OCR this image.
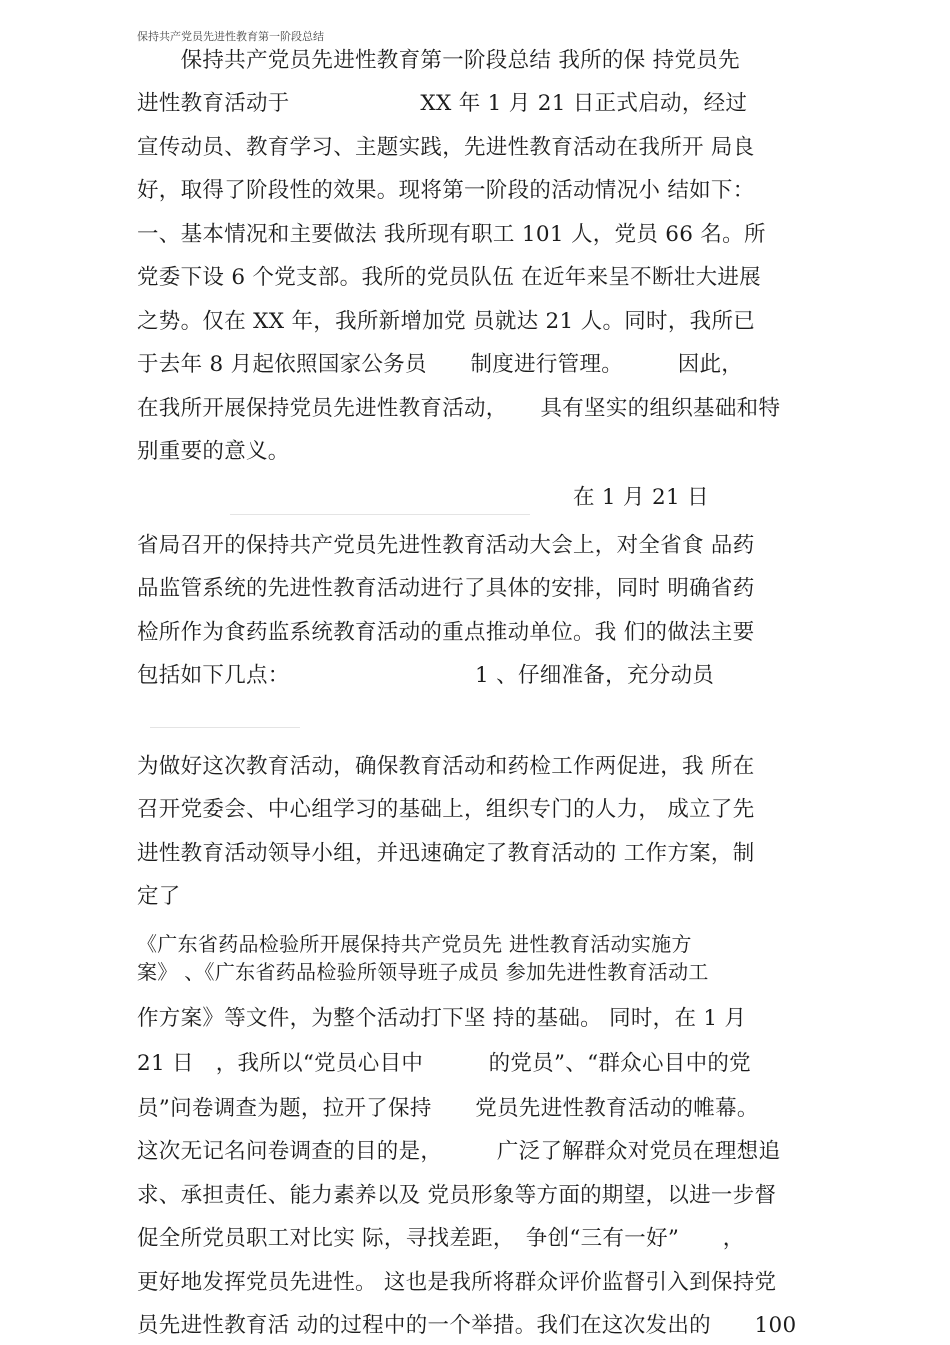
保持共产党员先进性教育第一阶段总结
　　保持共产党员先进性教育第一阶段总结 我所的保 持党员先
进性教育活动于　　　　　　XX 年 1 月 21 日正式启动，经过
宣传动员、教育学习、主题实践，先进性教育活动在我所开 局良
好，取得了阶段性的效果。现将第一阶段的活动情况小 结如下：
一、基本情况和主要做法 我所现有职工 101 人，党员 66 名。所
党委下设 6 个党支部。我所的党员队伍 在近年来呈不断壮大进展
之势。仅在 XX 年，我所新增加党 员就达 21 人。同时，我所已
于去年 8 月起依照国家公务员　　制度进行管理。　　　因此，
在我所开展保持党员先进性教育活动，　　具有坚实的组织基础和特
别重要的意义。
　　　　　　　　　　　　　　　　　　　　在 1 月 21 日
省局召开的保持共产党员先进性教育活动大会上，对全省食 品药
品监管系统的先进性教育活动进行了具体的安排，同时 明确省药
检所作为食药监系统教育活动的重点推动单位。我 们的做法主要
包括如下几点：　　　　　　　　　1 、仔细准备，充分动员
为做好这次教育活动，确保教育活动和药检工作两促进，我 所在
召开党委会、中心组学习的基础上，组织专门的人力， 成立了先
进性教育活动领导小组，并迅速确定了教育活动的 工作方案，制
定了
《广东省药品检验所开展保持共产党员先 进性教育活动实施方
案》 、《广东省药品检验所领导班子成员 参加先进性教育活动工
作方案》等文件，为整个活动打下坚 持的基础。 同时，在 1 月
21 日　，我所以“党员心目中　　　的党员”、“群众心目中的党
员”问卷调查为题，拉开了保持　　党员先进性教育活动的帷幕。
这次无记名问卷调查的目的是，　　　广泛了解群众对党员在理想追
求、承担责任、能力素养以及 党员形象等方面的期望，以进一步督
促全所党员职工对比实 际，寻找差距，　争创“三有一好”　　，
更好地发挥党员先进性。 这也是我所将群众评价监督引入到保持党
员先进性教育活 动的过程中的一个举措。我们在这次发出的　　100
